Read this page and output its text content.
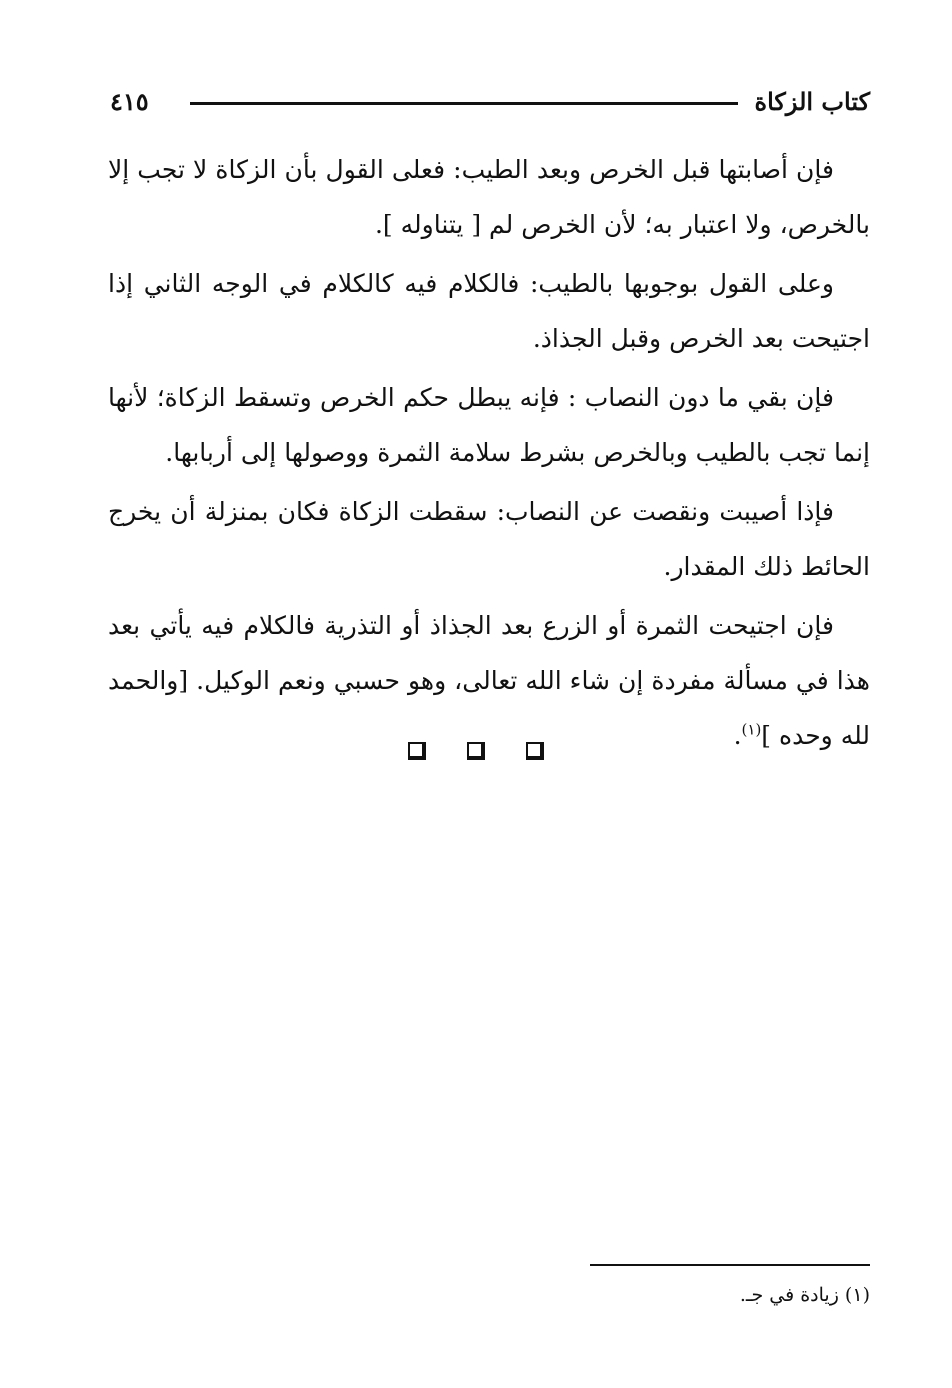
كتاب الزكاة
٤١٥

فإن أصابتها قبل الخرص وبعد الطيب: فعلى القول بأن الزكاة لا تجب إلا بالخرص، ولا اعتبار به؛ لأن الخرص لم [ يتناوله ].

وعلى القول بوجوبها بالطيب: فالكلام فيه كالكلام في الوجه الثاني إذا اجتيحت بعد الخرص وقبل الجذاذ.

فإن بقي ما دون النصاب : فإنه يبطل حكم الخرص وتسقط الزكاة؛ لأنها إنما تجب بالطيب وبالخرص بشرط سلامة الثمرة ووصولها إلى أربابها.

فإذا أصيبت ونقصت عن النصاب: سقطت الزكاة فكان بمنزلة أن يخرج الحائط ذلك المقدار.

فإن اجتيحت الثمرة أو الزرع بعد الجذاذ أو التذرية فالكلام فيه يأتي بعد هذا في مسألة مفردة إن شاء الله تعالى، وهو حسبي ونعم الوكيل. [والحمد لله وحده ]$^{(١)}$.

(١) زيادة في جـ.
